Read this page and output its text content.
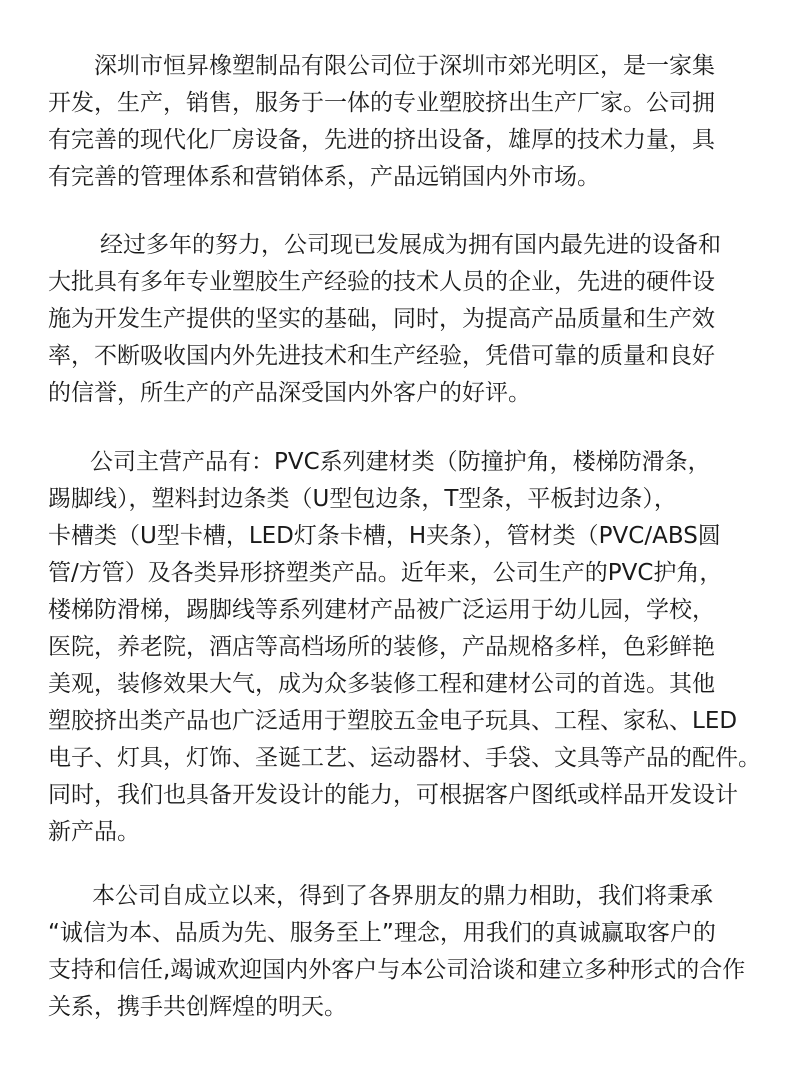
深圳市恒昇橡塑制品有限公司位于深圳市郊光明区，是一家集
开发，生产，销售，服务于一体的专业塑胶挤出生产厂家。公司拥
有完善的现代化厂房设备，先进的挤出设备，雄厚的技术力量，具
有完善的管理体系和营销体系，产品远销国内外市场。
经过多年的努力，公司现已发展成为拥有国内最先进的设备和
大批具有多年专业塑胶生产经验的技术人员的企业，先进的硬件设
施为开发生产提供的坚实的基础，同时，为提高产品质量和生产效
率，不断吸收国内外先进技术和生产经验，凭借可靠的质量和良好
的信誉，所生产的产品深受国内外客户的好评。
公司主营产品有：PVC系列建材类（防撞护角，楼梯防滑条，
踢脚线），塑料封边条类（U型包边条，T型条，平板封边条），
卡槽类（U型卡槽，LED灯条卡槽，H夹条），管材类（PVC/ABS圆
管/方管）及各类异形挤塑类产品。近年来，公司生产的PVC护角，
楼梯防滑梯，踢脚线等系列建材产品被广泛运用于幼儿园，学校，
医院，养老院，酒店等高档场所的装修，产品规格多样，色彩鲜艳
美观，装修效果大气，成为众多装修工程和建材公司的首选。其他
塑胶挤出类产品也广泛适用于塑胶五金电子玩具、工程、家私、LED
电子、灯具，灯饰、圣诞工艺、运动器材、手袋、文具等产品的配件。
同时，我们也具备开发设计的能力，可根据客户图纸或样品开发设计
新产品。
本公司自成立以来，得到了各界朋友的鼎力相助，我们将秉承
“诚信为本、品质为先、服务至上”理念，用我们的真诚赢取客户的
支持和信任,竭诚欢迎国内外客户与本公司洽谈和建立多种形式的合作
关系，携手共创辉煌的明天。
